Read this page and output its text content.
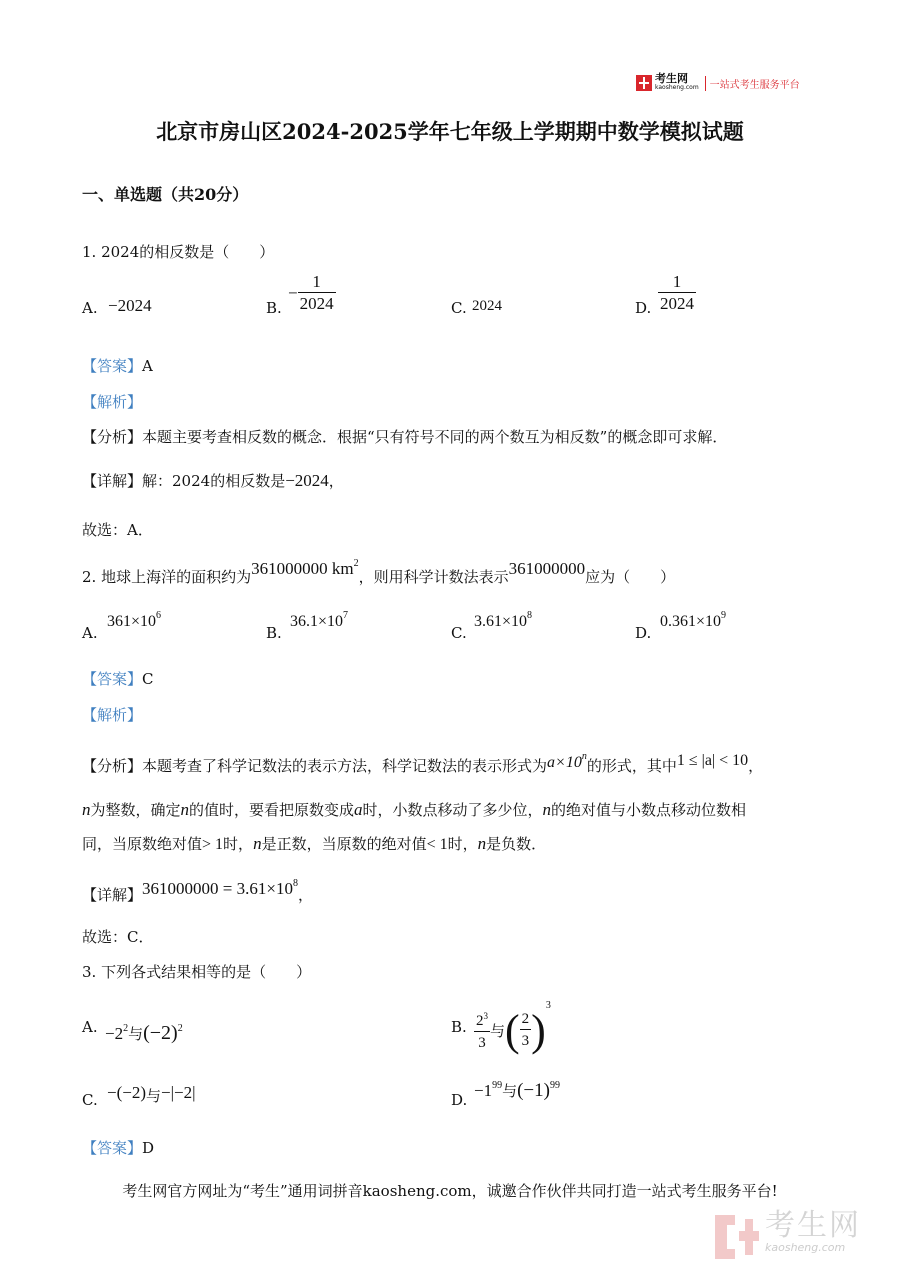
考生网
kaosheng.com	一站式考生服务平台
北京市房山区2024-2025学年七年级上学期期中数学模拟试题
一、单选题（共20分）
1. 2024的相反数是（　　）
A. −2024	B.
− $\frac{1}{2024}$	C. 2024	D. $\frac{1}{2024}$
【答案】A
【解析】
【分析】本题主要考查相反数的概念．根据“只有符号不同的两个数互为相反数”的概念即可求解．
【详解】解：2024的相反数是−2024，
故选：A．
2. 地球上海洋的面积约为361000000 $km^2$，则用科学计数法表示361000000应为（　　）
A.
$361\times 10^6$
B.
$36.1\times 10^7$
C.
$3.61\times 10^8$
D.
$0.361\times 10^9$
【答案】C
【解析】
【分析】本题考查了科学记数法的表示方法，科学记数法的表示形式为$a\times 10^n$的形式，其中1 ≤ |a| < 10，
n为整数，确定n的值时，要看把原数变成a时，小数点移动了多少位，n的绝对值与小数点移动位数相
同，当原数绝对值> 1时，n是正数，当原数的绝对值< 1时，n是负数．
【详解】$361000000 = 3.61\times 10^8$，
故选：C．
3. 下列各式结果相等的是（　　）
A. $-2^2$与$(-2)^2$	B. $\frac{2^3}{3}$ 与( $\frac{2}{3} )^3$
C. −(−2)与−|−2|	D. $-1^{99}$与$(-1)^{99}$
【答案】D
考生网官方网址为“考生”通用词拼音kaosheng.com，诚邀合作伙伴共同打造一站式考生服务平台!
考生网
kaosheng.com
